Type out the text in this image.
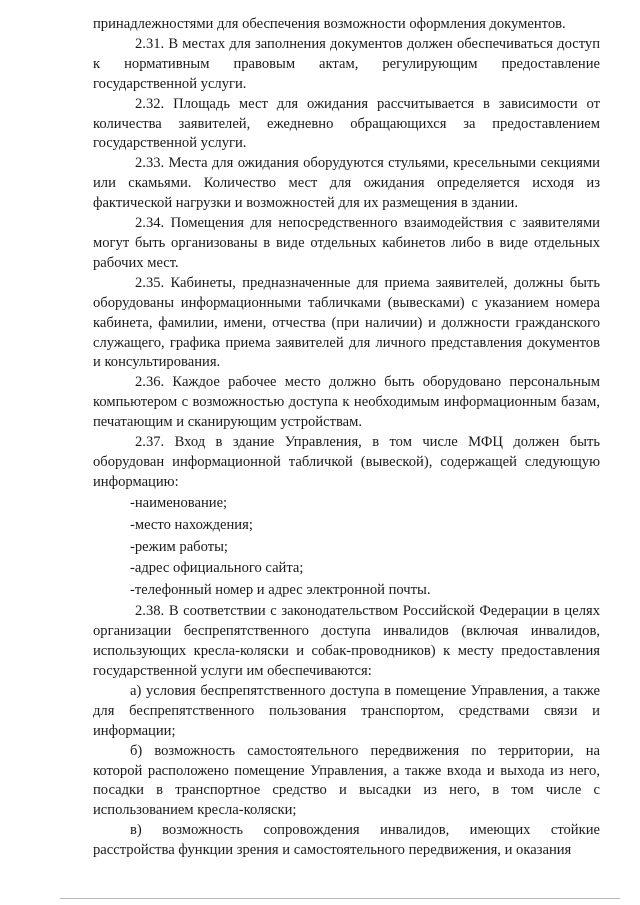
принадлежностями для обеспечения возможности оформления документов.

2.31. В местах для заполнения документов должен обеспечиваться доступ к нормативным правовым актам, регулирующим предоставление государственной услуги.

2.32. Площадь мест для ожидания рассчитывается в зависимости от количества заявителей, ежедневно обращающихся за предоставлением государственной услуги.

2.33. Места для ожидания оборудуются стульями, кресельными секциями или скамьями. Количество мест для ожидания определяется исходя из фактической нагрузки и возможностей для их размещения в здании.

2.34. Помещения для непосредственного взаимодействия с заявителями могут быть организованы в виде отдельных кабинетов либо в виде отдельных рабочих мест.

2.35. Кабинеты, предназначенные для приема заявителей, должны быть оборудованы информационными табличками (вывесками) с указанием номера кабинета, фамилии, имени, отчества (при наличии) и должности гражданского служащего, графика приема заявителей для личного представления документов и консультирования.

2.36. Каждое рабочее место должно быть оборудовано персональным компьютером с возможностью доступа к необходимым информационным базам, печатающим и сканирующим устройствам.

2.37. Вход в здание Управления, в том числе МФЦ должен быть оборудован информационной табличкой (вывеской), содержащей следующую информацию:

-наименование;

-место нахождения;

-режим работы;

-адрес официального сайта;

-телефонный номер и адрес электронной почты.

2.38. В соответствии с законодательством Российской Федерации в целях организации беспрепятственного доступа инвалидов (включая инвалидов, использующих кресла-коляски и собак-проводников) к месту предоставления государственной услуги им обеспечиваются:

а) условия беспрепятственного доступа в помещение Управления, а также для беспрепятственного пользования транспортом, средствами связи и информации;

б) возможность самостоятельного передвижения по территории, на которой расположено помещение Управления, а также входа и выхода из него, посадки в транспортное средство и высадки из него, в том числе с использованием кресла-коляски;

в) возможность сопровождения инвалидов, имеющих стойкие расстройства функции зрения и самостоятельного передвижения, и оказания
